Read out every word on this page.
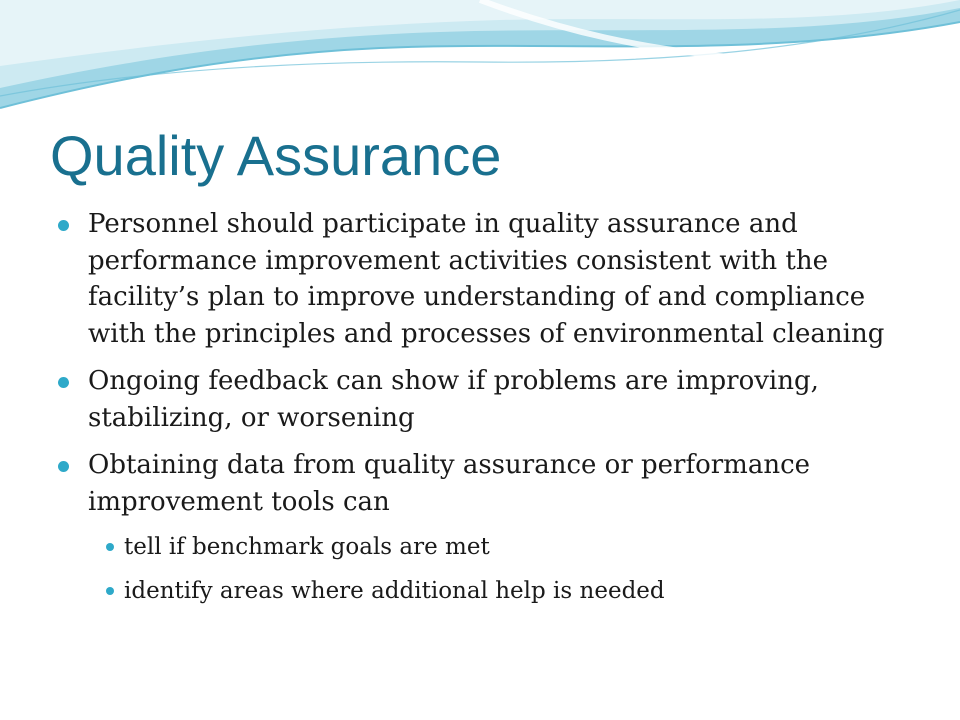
Quality Assurance
Personnel should participate in quality assurance and performance improvement activities consistent with the facility’s plan to improve understanding of and compliance with the principles and processes of environmental cleaning
Ongoing feedback can show if problems are improving, stabilizing, or worsening
Obtaining data from quality assurance or performance improvement tools can
tell if benchmark goals are met
identify areas where additional help is needed
